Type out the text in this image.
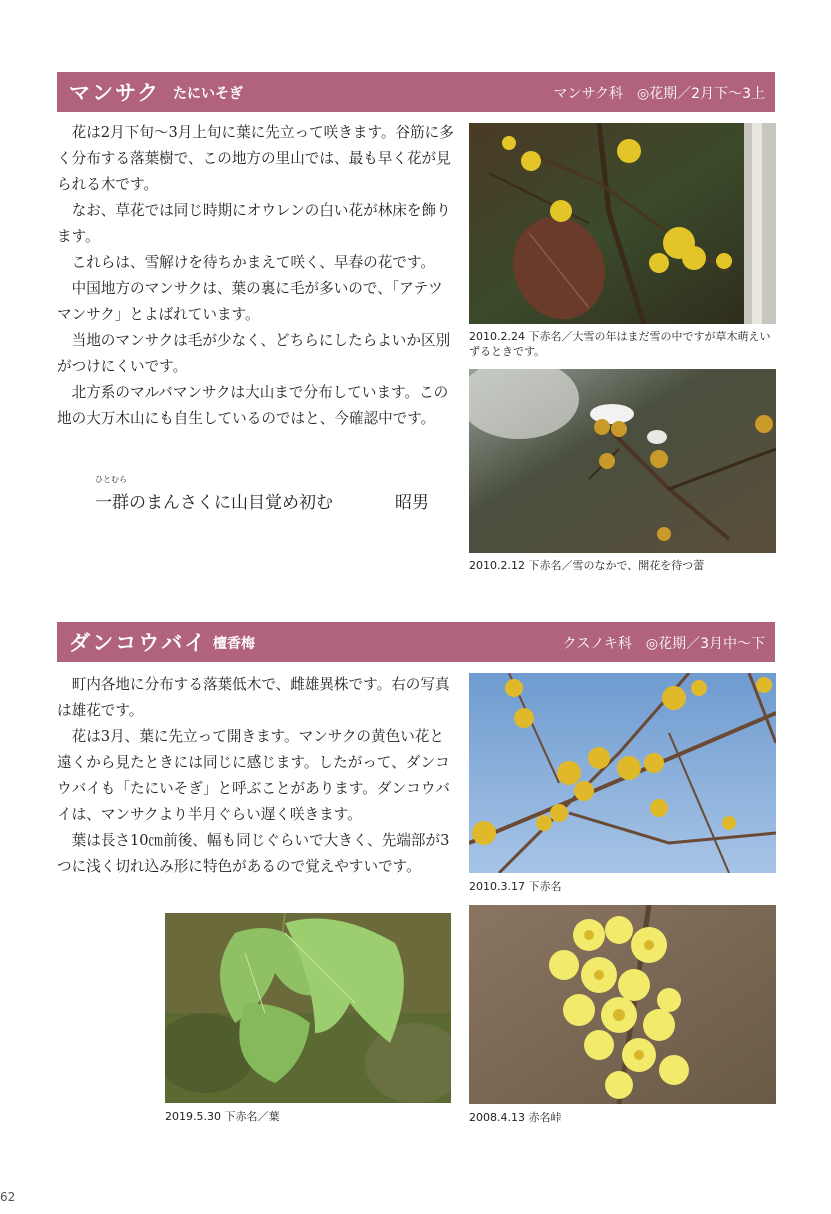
マンサク たにいそぎ	マンサク科　◎花期／2月下〜3上

花は2月下旬〜3月上旬に葉に先立って咲きます。谷筋に多く分布する落葉樹で、この地方の里山では、最も早く花が見られる木です。

なお、草花では同じ時期にオウレンの白い花が林床を飾ります。

これらは、雪解けを待ちかまえて咲く、早春の花です。

中国地方のマンサクは、葉の裏に毛が多いので、「アテツマンサク」とよばれています。

当地のマンサクは毛が少なく、どちらにしたらよいか区別がつけにくいです。

北方系のマルバマンサクは大山まで分布しています。この地の大万木山にも自生しているのではと、今確認中です。

ひとむら
一群のまんさくに山目覚め初む	昭男
2010.2.24 下赤名／大雪の年はまだ雪の中ですが草木萌えいずるときです。
2010.2.12 下赤名／雪のなかで、開花を待つ蕾
ダンコウバイ 檀香梅	クスノキ科　◎花期／3月中〜下

町内各地に分布する落葉低木で、雌雄異株です。右の写真は雄花です。

花は3月、葉に先立って開きます。マンサクの黄色い花と遠くから見たときには同じに感じます。したがって、ダンコウバイも「たにいそぎ」と呼ぶことがあります。ダンコウバイは、マンサクより半月ぐらい遅く咲きます。

葉は長さ10㎝前後、幅も同じぐらいで大きく、先端部が3つに浅く切れ込み形に特色があるので覚えやすいです。

2010.3.17 下赤名
2019.5.30 下赤名／葉	2008.4.13 赤名峠
62
